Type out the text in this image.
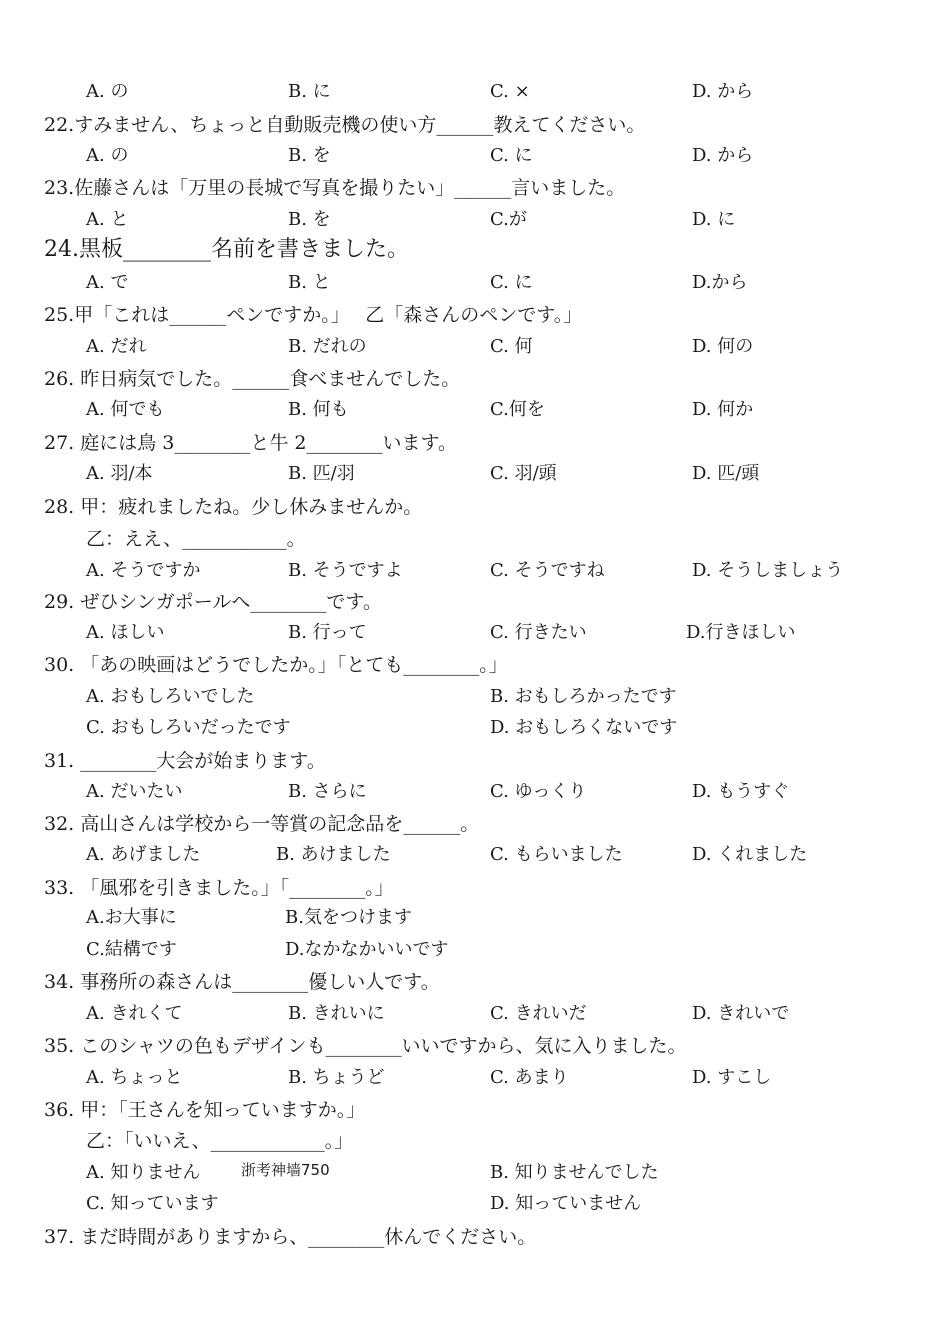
A. の	B. に	C. ×	D. から
22.すみません、ちょっと自動販売機の使い方______教えてください。
A. の	B. を	C. に	D. から
23.佐藤さんは「万里の長城で写真を撮りたい」______言いました。
A. と	B. を	C.が	D. に
24.黒板________名前を書きました。
A. で	B. と	C. に	D.から
25.甲「これは______ペンですか。」　 乙「森さんのペンです。」
A. だれ	B. だれの	C. 何	D. 何の
26. 昨日病気でした。______食べませんでした。
A. 何でも	B. 何も	C.何を	D. 何か
27. 庭には鳥 3________と牛 2________います。
A. 羽/本	B. 匹/羽	C. 羽/頭	D. 匹/頭
28. 甲：疲れましたね。少し休みませんか。
乙：ええ、___________。
A. そうですか	B. そうですよ	C. そうですね	D. そうしましょう
29. ぜひシンガポールへ________です。
A. ほしい	B. 行って	C. 行きたい	D.行きほしい
30. 「あの映画はどうでしたか。」「とても________。」
A. おもしろいでした	B. おもしろかったです
C. おもしろいだったです	D. おもしろくないです
31. ________大会が始まります。
A. だいたい	B. さらに	C. ゆっくり	D. もうすぐ
32. 高山さんは学校から一等賞の記念品を______。
A. あげました	B. あけました	C. もらいました	D. くれました
33. 「風邪を引きました。」「________。」
A.お大事に	B.気をつけます
C.結構です	D.なかなかいいです
34. 事務所の森さんは________優しい人です。
A. きれくて	B. きれいに	C. きれいだ	D. きれいで
35. このシャツの色もデザインも________いいですから、気に入りました。
A. ちょっと	B. ちょうど	C. あまり	D. すこし
36. 甲：「王さんを知っていますか。」
乙：「いいえ、____________。」
A. 知りません	浙考神墙750	B. 知りませんでした
C. 知っています	D. 知っていません
37. まだ時間がありますから、________休んでください。
